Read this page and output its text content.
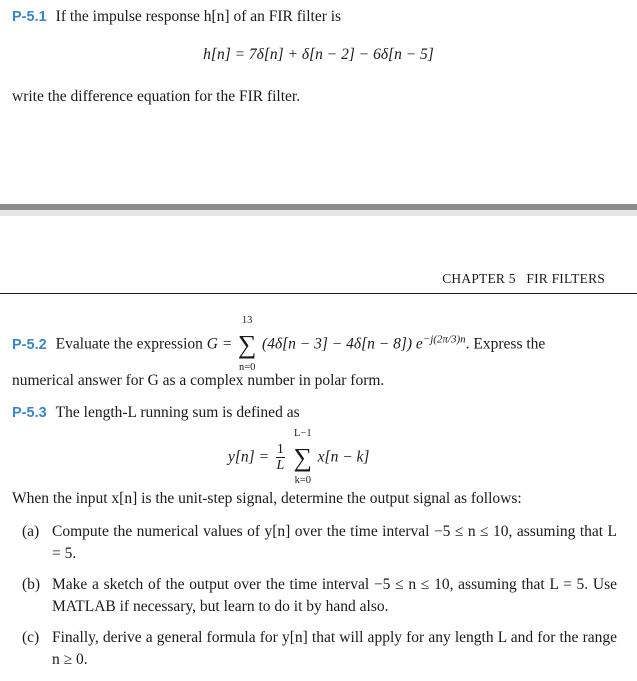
P-5.1 If the impulse response h[n] of an FIR filter is
h[n] = 7δ[n] + δ[n − 2] − 6δ[n − 5]
write the difference equation for the FIR filter.
CHAPTER 5 FIR FILTERS
P-5.2 Evaluate the expression G =
13
∑
n=0
(4δ[n − 3] − 4δ[n − 8]) $e^{-j(2\pi/3)n}$. Express the
numerical answer for G as a complex number in polar form.
P-5.3 The length-L running sum is defined as
$y[n] = \frac{1}{L}$

L−1
∑
k=0
x[n − k]
When the input x[n] is the unit-step signal, determine the output signal as follows:
(a) Compute the numerical values of y[n] over the time interval −5 ≤ n ≤ 10, assuming that L = 5.
(b) Make a sketch of the output over the time interval −5 ≤ n ≤ 10, assuming that L = 5. Use MATLAB if necessary, but learn to do it by hand also.
(c) Finally, derive a general formula for y[n] that will apply for any length L and for the range n ≥ 0.
